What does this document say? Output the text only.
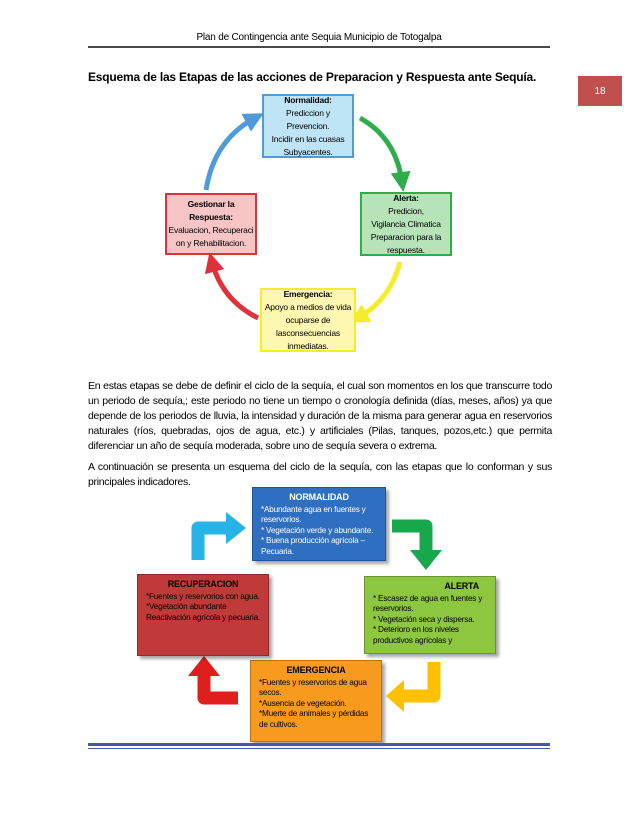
Plan de Contingencia ante Sequia Municipio de Totogalpa
18
Esquema de las Etapas de las acciones de Preparacion y Respuesta ante Sequía.
Normalidad:
Prediccion y
Prevencion.
Incidir en las cuasas
Subyacentes.
Alerta:
Predicion,
Vigilancia Climatica
Preparacion para la
respuesta.
Emergencia:
Apoyo a medios de vida
ocuparse de
lasconsecuencias
inmediatas.
Gestionar la
Respuesta:
Evaluacion, Recuperaci
on y Rehabilitacion.
En estas etapas se debe de definir el ciclo de la sequía, el cual son momentos en los que transcurre todo un periodo de sequía,; este periodo no tiene un tiempo o cronología definida (días, meses, años) ya que depende de los periodos de lluvia, la intensidad y duración de la misma para generar agua en reservorios naturales (ríos, quebradas, ojos de agua, etc.) y artificiales (Pilas, tanques, pozos,etc.) que permita diferenciar un año de sequía moderada, sobre uno de sequía severa o extrema.
A continuación se presenta un esquema del ciclo de la sequía, con las etapas que lo conforman y sus principales indicadores.
NORMALIDAD
*Abundante agua en fuentes y reservorios.
* Vegetación verde y abundante.
* Buena producción agrícola – Pecuaria.
ALERTA
* Escasez de agua en fuentes y reservorios.
* Vegetación seca y dispersa.
* Deterioro en los niveles productivos agrícolas y
EMERGENCIA
*Fuentes y reservorios de agua secos.
*Ausencia de vegetación.
*Muerte de animales y pérdidas de cultivos.
RECUPERACION
*Fuentes y reservorios con agua.
*Vegetación abundante
Reactivación agrícola y pecuaria.
